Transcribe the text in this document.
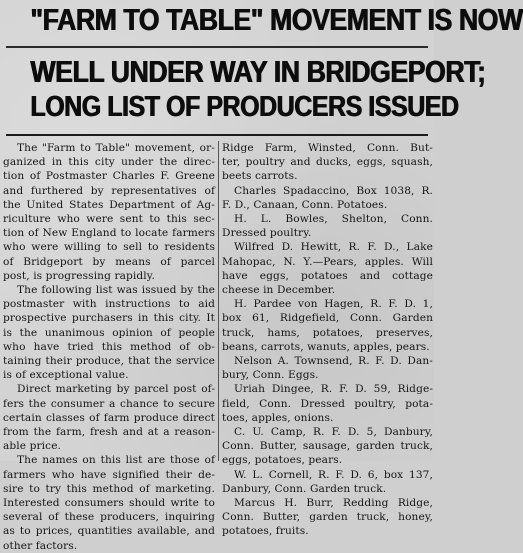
"FARM TO TABLE" MOVEMENT IS NOW
WELL UNDER WAY IN BRIDGEPORT;
LONG LIST OF PRODUCERS ISSUED
The "Farm to Table" movement, or-
ganized in this city under the direc-
tion of Postmaster Charles F. Greene
and furthered by representatives of
the United States Department of Ag-
riculture who were sent to this sec-
tion of New England to locate farmers
who were willing to sell to residents
of Bridgeport by means of parcel
post, is progressing rapidly.
The following list was issued by the
postmaster with instructions to aid
prospective purchasers in this city. It
is the unanimous opinion of people
who have tried this method of ob-
taining their produce, that the service
is of exceptional value.
Direct marketing by parcel post of-
fers the consumer a chance to secure
certain classes of farm produce direct
from the farm, fresh and at a reason-
able price.
The names on this list are those of
farmers who have signified their de-
sire to try this method of marketing.
Interested consumers should write to
several of these producers, inquiring
as to prices, quantities available, and
other factors.
Ridge Farm, Winsted, Conn. But-
ter, poultry and ducks, eggs, squash,
beets carrots.
Charles Spadaccino, Box 1038, R.
F. D., Canaan, Conn. Potatoes.
H. L. Bowles, Shelton, Conn.
Dressed poultry.
Wilfred D. Hewitt, R. F. D., Lake
Mahopac, N. Y.—Pears, apples. Will
have eggs, potatoes and cottage
cheese in December.
H. Pardee von Hagen, R. F. D. 1,
box 61, Ridgefield, Conn. Garden
truck, hams, potatoes, preserves,
beans, carrots, wanuts, apples, pears.
Nelson A. Townsend, R. F. D. Dan-
bury, Conn. Eggs.
Uriah Dingee, R. F. D. 59, Ridge-
field, Conn. Dressed poultry, pota-
toes, apples, onions.
C. U. Camp, R. F. D. 5, Danbury,
Conn. Butter, sausage, garden truck,
eggs, potatoes, pears.
W. L. Cornell, R. F. D. 6, box 137,
Danbury, Conn. Garden truck.
Marcus H. Burr, Redding Ridge,
Conn. Butter, garden truck, honey,
potatoes, fruits.
